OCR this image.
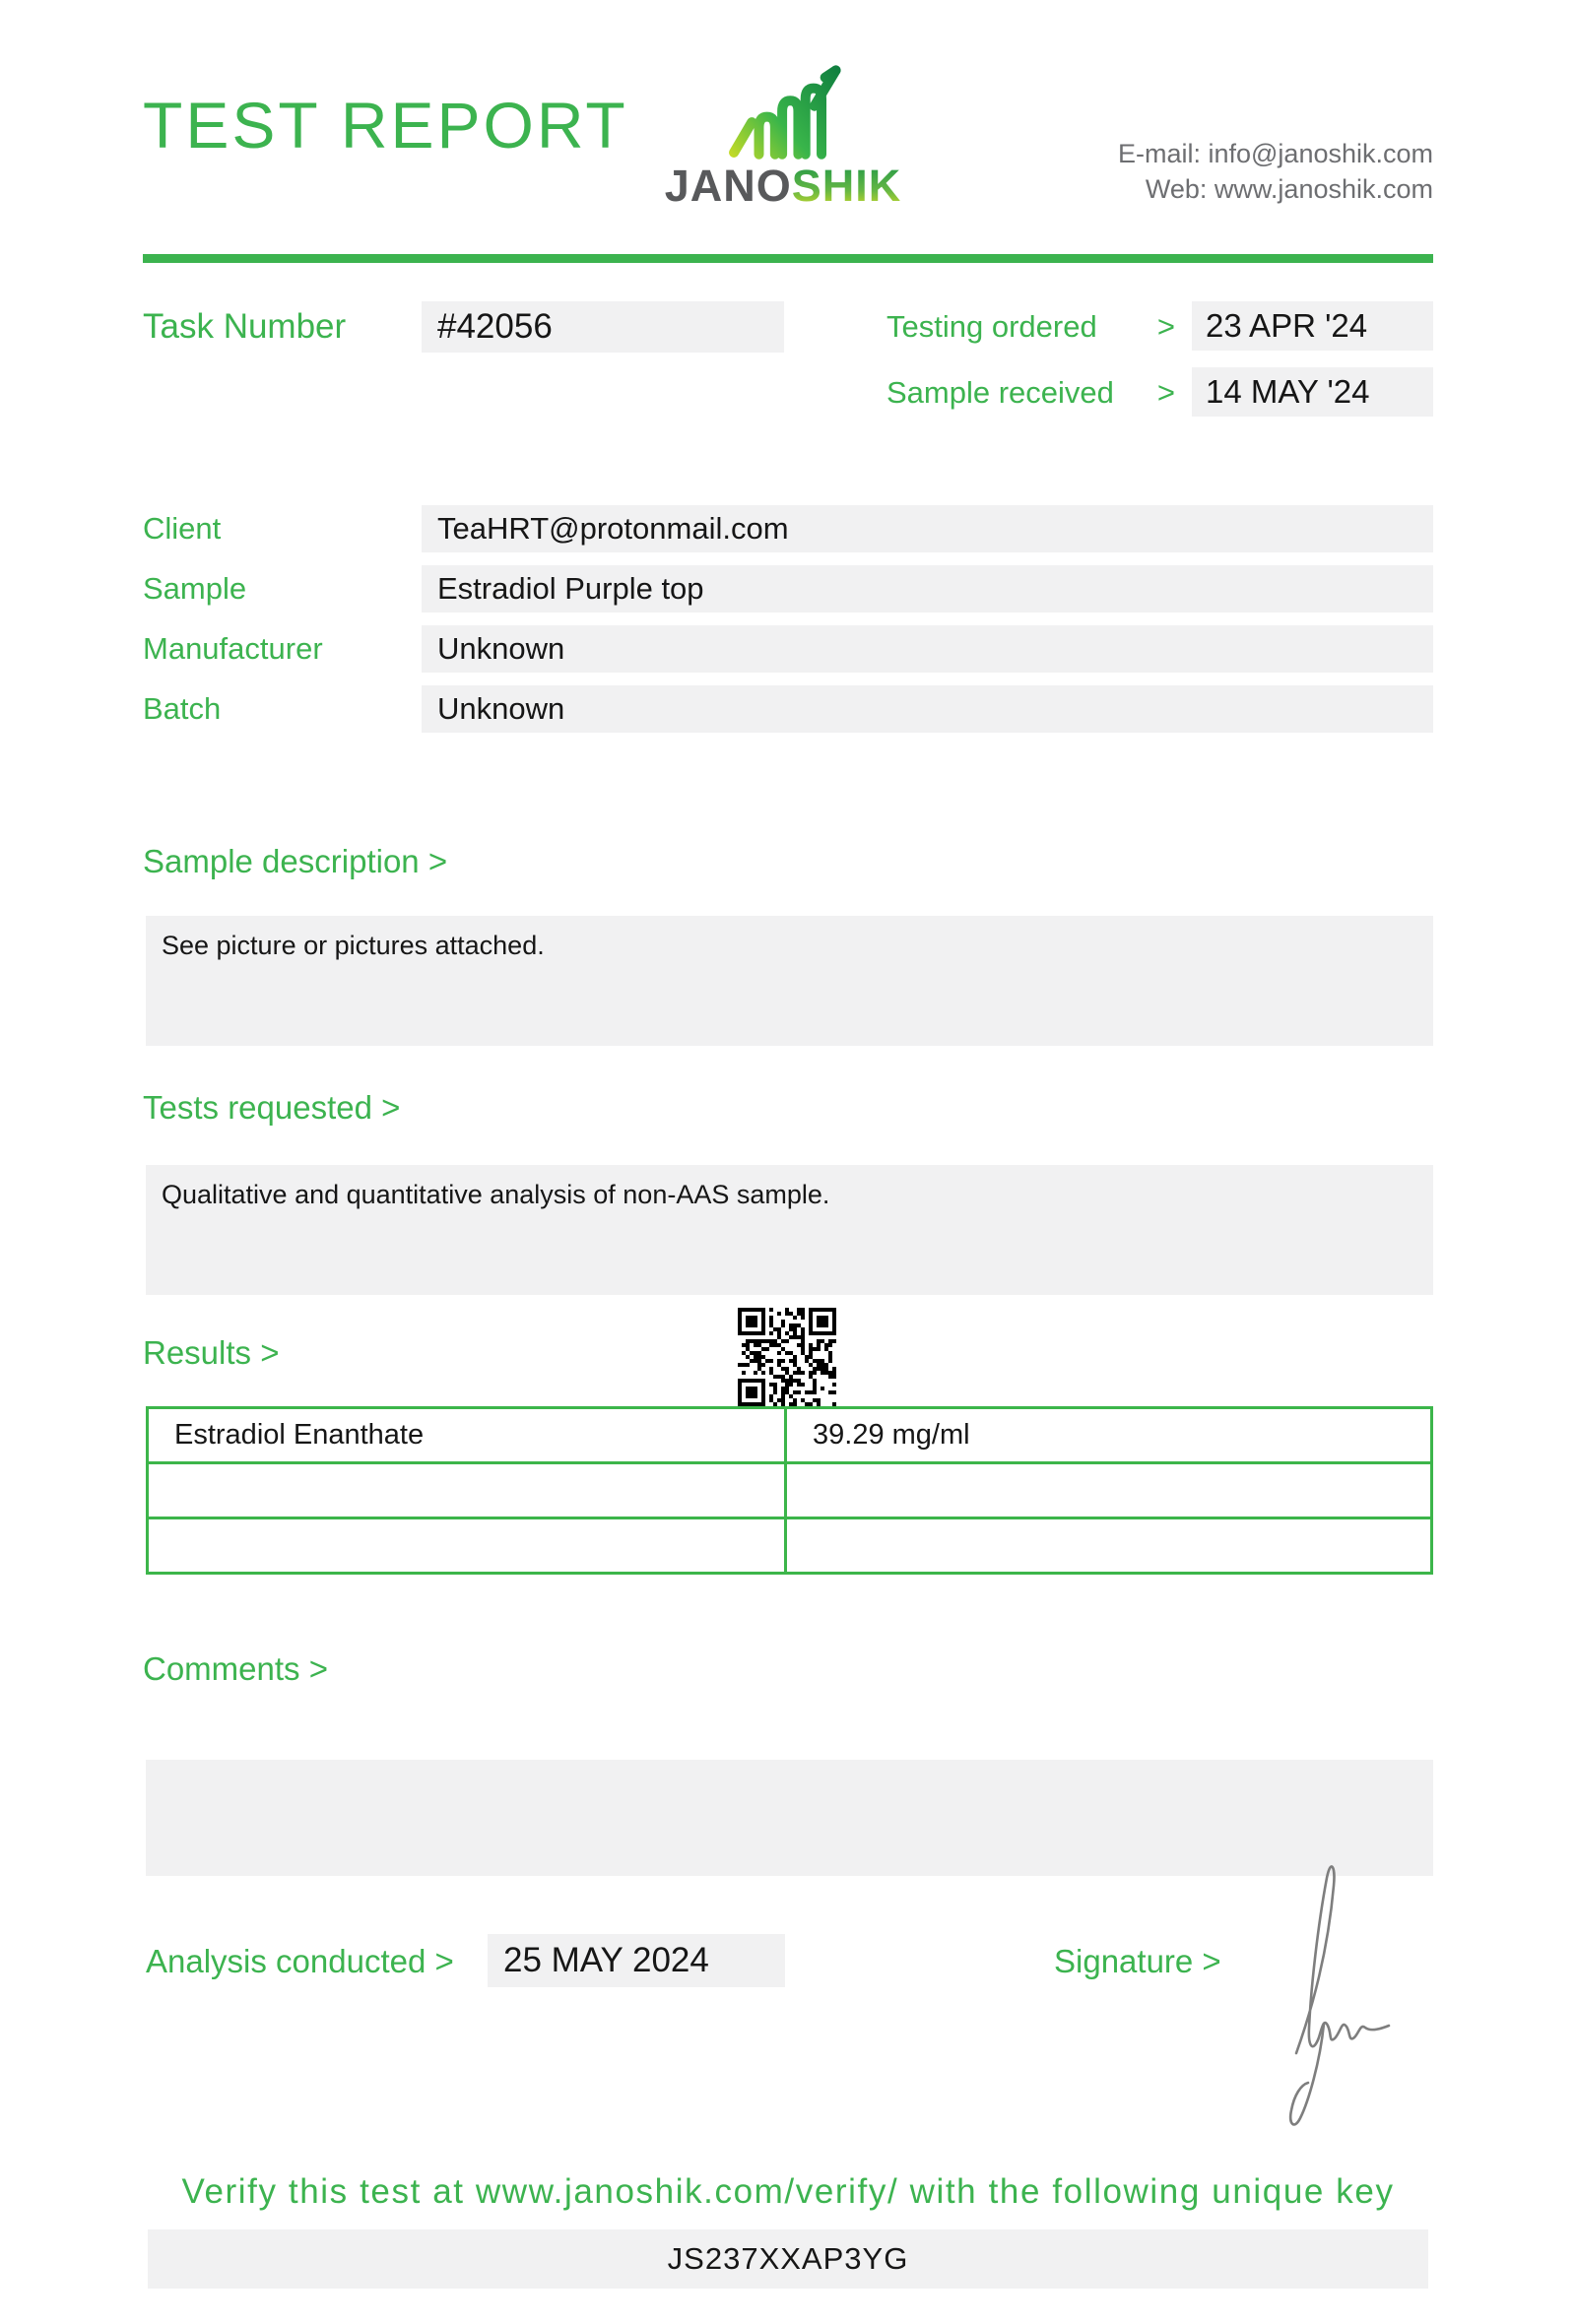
TEST REPORT
JANOSHIK
E-mail: info@janoshik.com
Web: www.janoshik.com
Task Number	#42056	Testing ordered > 23 APR '24
Sample received > 14 MAY '24
Client	TeaHRT@protonmail.com
Sample	Estradiol Purple top
Manufacturer	Unknown
Batch	Unknown
Sample description >
See picture or pictures attached.
Tests requested >
Qualitative and quantitative analysis of non-AAS sample.
Results >
Estradiol Enanthate	39.29 mg/ml
Comments >
Analysis conducted >	25 MAY 2024	Signature >
Verify this test at www.janoshik.com/verify/ with the following unique key
JS237XXAP3YG
